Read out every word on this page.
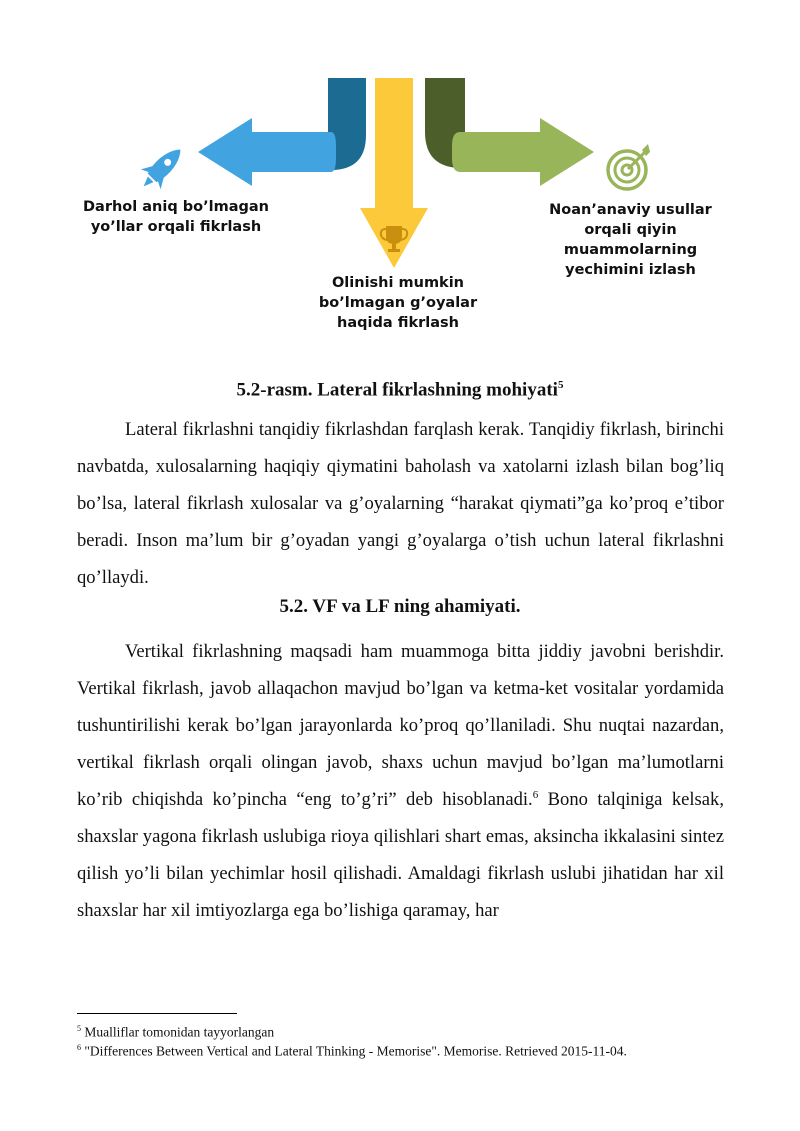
Darhol aniq bo’lmagan yo’llar orqali fikrlash
Olinishi mumkin bo’lmagan g’oyalar haqida fikrlash
Noan’anaviy usullar orqali qiyin muammolarning yechimini izlash
5.2-rasm. Lateral fikrlashning mohiyati$^5$

Lateral fikrlashni tanqidiy fikrlashdan farqlash kerak. Tanqidiy fikrlash, birinchi navbatda, xulosalarning haqiqiy qiymatini baholash va xatolarni izlash bilan bog’liq bo’lsa, lateral fikrlash xulosalar va g’oyalarning “harakat qiymati”ga ko’proq e’tibor beradi. Inson ma’lum bir g’oyadan yangi g’oyalarga o’tish uchun lateral fikrlashni qo’llaydi.

5.2. VF va LF ning ahamiyati.

Vertikal fikrlashning maqsadi ham muammoga bitta jiddiy javobni berishdir. Vertikal fikrlash, javob allaqachon mavjud bo’lgan va ketma-ket vositalar yordamida tushuntirilishi kerak bo’lgan jarayonlarda ko’proq qo’llaniladi. Shu nuqtai nazardan, vertikal fikrlash orqali olingan javob, shaxs uchun mavjud bo’lgan ma’lumotlarni ko’rib chiqishda ko’pincha “eng to’g’ri” deb hisoblanadi.$^6$ Bono talqiniga kelsak, shaxslar yagona fikrlash uslubiga rioya qilishlari shart emas, aksincha ikkalasini sintez qilish yo’li bilan yechimlar hosil qilishadi. Amaldagi fikrlash uslubi jihatidan har xil shaxslar har xil imtiyozlarga ega bo’lishiga qaramay, har

$^5$ Mualliflar tomonidan tayyorlangan
$^6$ "Differences Between Vertical and Lateral Thinking - Memorise". Memorise. Retrieved 2015-11-04.
